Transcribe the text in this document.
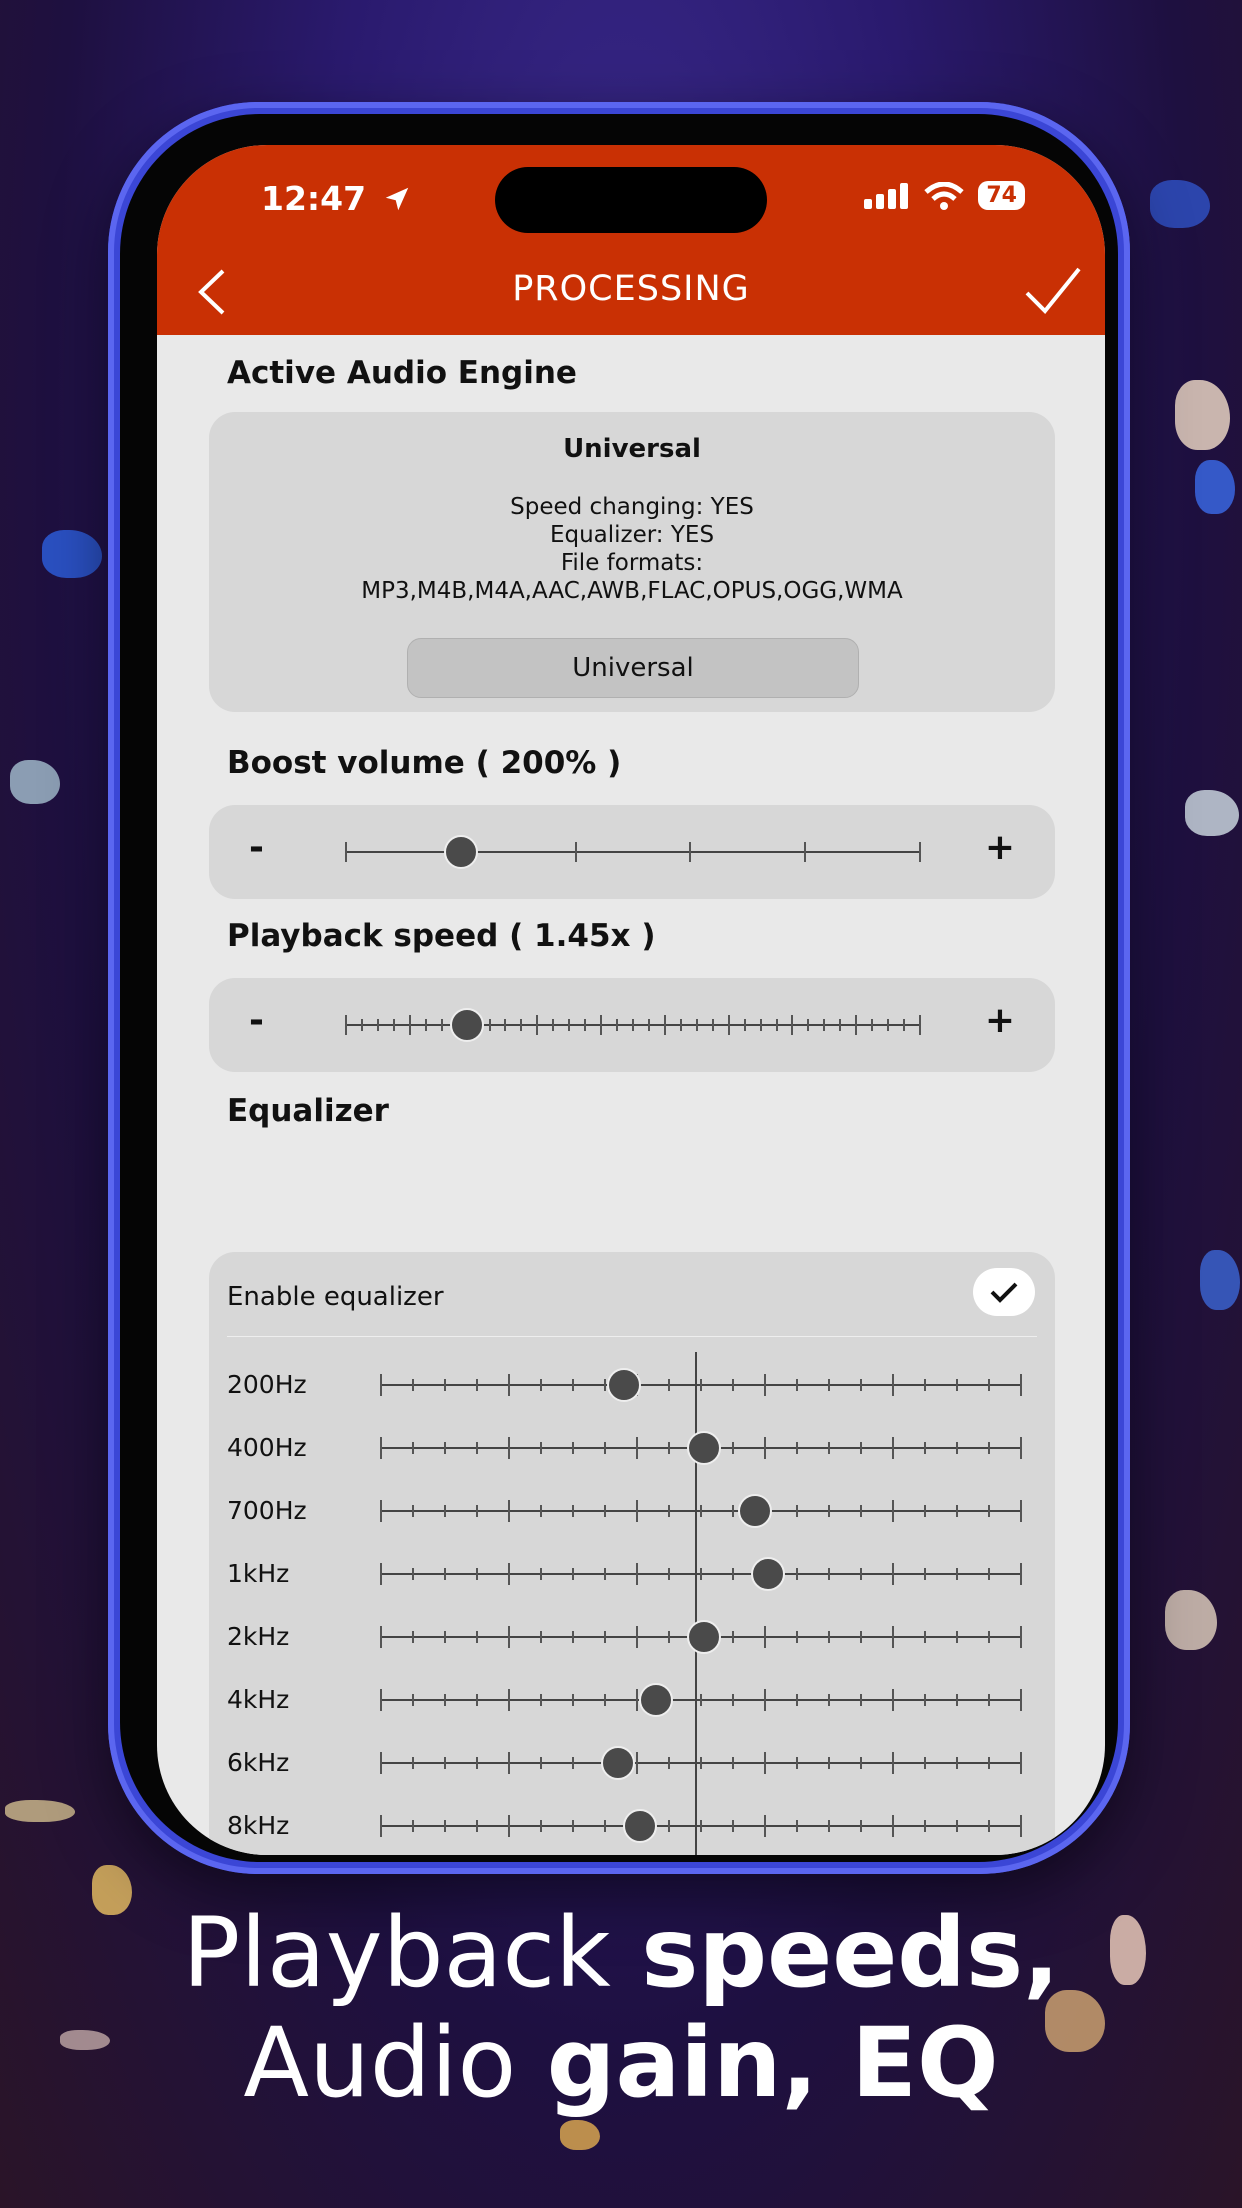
12:47	74
PROCESSING
Active Audio Engine
Universal
Speed changing: YES
Equalizer: YES
File formats:
MP3,M4B,M4A,AAC,AWB,FLAC,OPUS,OGG,WMA
Universal
Boost volume ( 200% )
-	+
Playback speed ( 1.45x )
-	+
Equalizer
Enable equalizer
200Hz
400Hz
700Hz
1kHz
2kHz
4kHz
6kHz
8kHz
Playback speeds,
Audio gain, EQ
